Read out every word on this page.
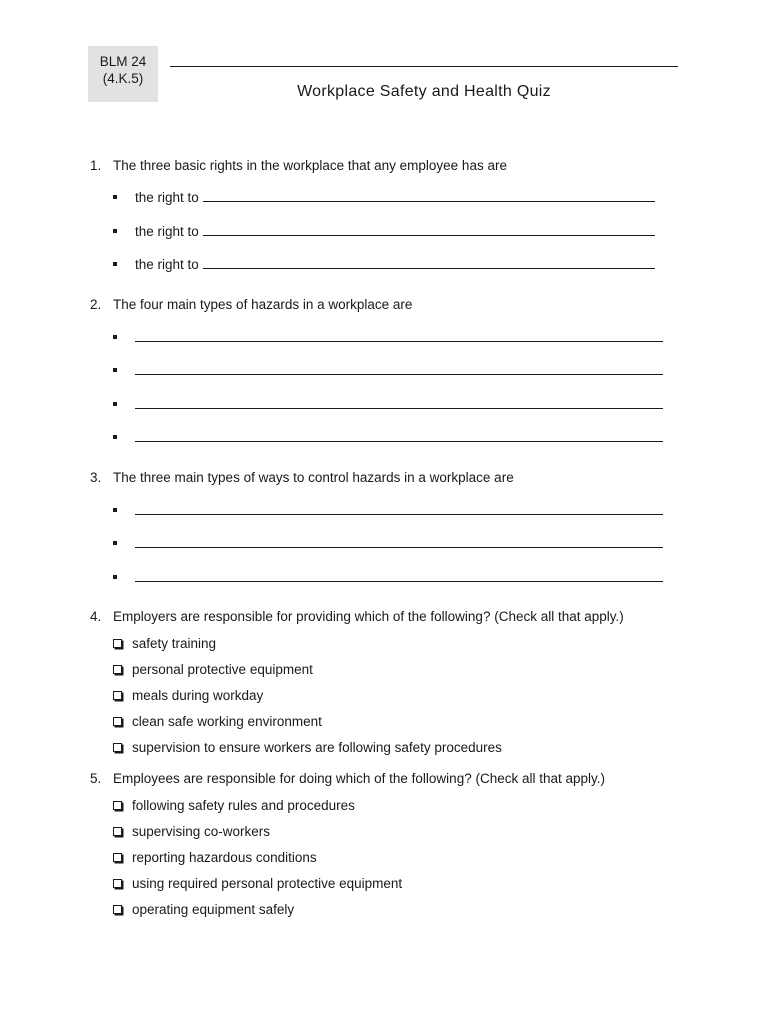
BLM 24
(4.K.5)
Workplace Safety and Health Quiz
1. The three basic rights in the workplace that any employee has are
the right to
the right to
the right to
2. The four main types of hazards in a workplace are
3. The three main types of ways to control hazards in a workplace are
4. Employers are responsible for providing which of the following? (Check all that apply.)
safety training
personal protective equipment
meals during workday
clean safe working environment
supervision to ensure workers are following safety procedures
5. Employees are responsible for doing which of the following? (Check all that apply.)
following safety rules and procedures
supervising co-workers
reporting hazardous conditions
using required personal protective equipment
operating equipment safely
